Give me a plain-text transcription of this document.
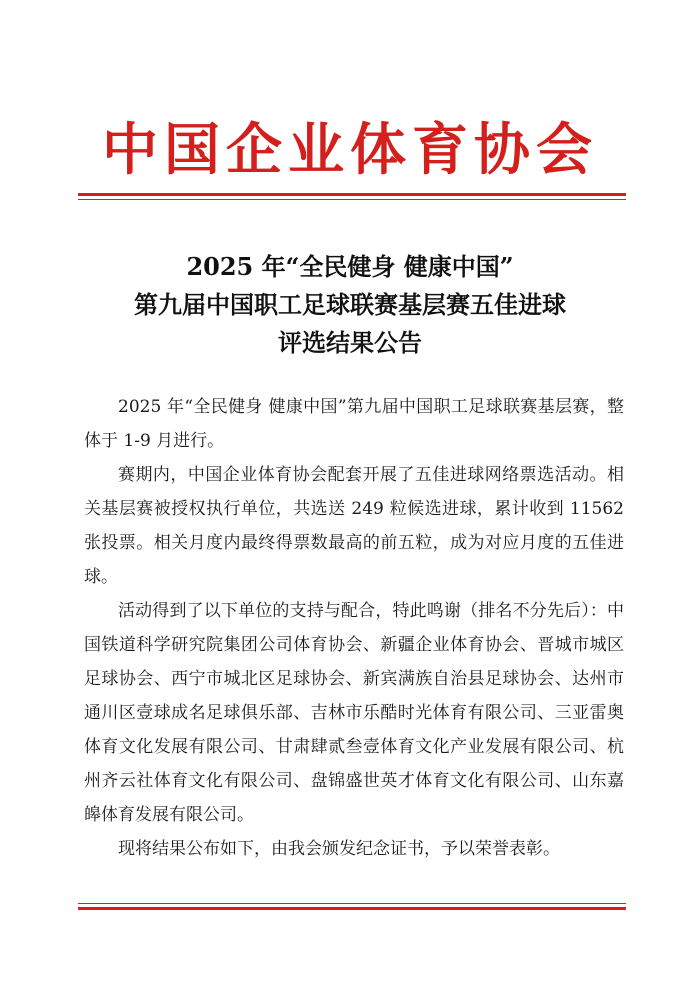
中国企业体育协会
2025 年“全民健身 健康中国”
第九届中国职工足球联赛基层赛五佳进球
评选结果公告

2025 年“全民健身 健康中国”第九届中国职工足球联赛基层赛，整体于 1-9 月进行。

赛期内，中国企业体育协会配套开展了五佳进球网络票选活动。相关基层赛被授权执行单位，共选送 249 粒候选进球，累计收到 11562 张投票。相关月度内最终得票数最高的前五粒，成为对应月度的五佳进球。

活动得到了以下单位的支持与配合，特此鸣谢（排名不分先后）：中国铁道科学研究院集团公司体育协会、新疆企业体育协会、晋城市城区足球协会、西宁市城北区足球协会、新宾满族自治县足球协会、达州市通川区壹球成名足球俱乐部、吉林市乐酷时光体育有限公司、三亚雷奥体育文化发展有限公司、甘肃肆贰叁壹体育文化产业发展有限公司、杭州齐云社体育文化有限公司、盘锦盛世英才体育文化有限公司、山东嘉皞体育发展有限公司。

现将结果公布如下，由我会颁发纪念证书，予以荣誉表彰。
